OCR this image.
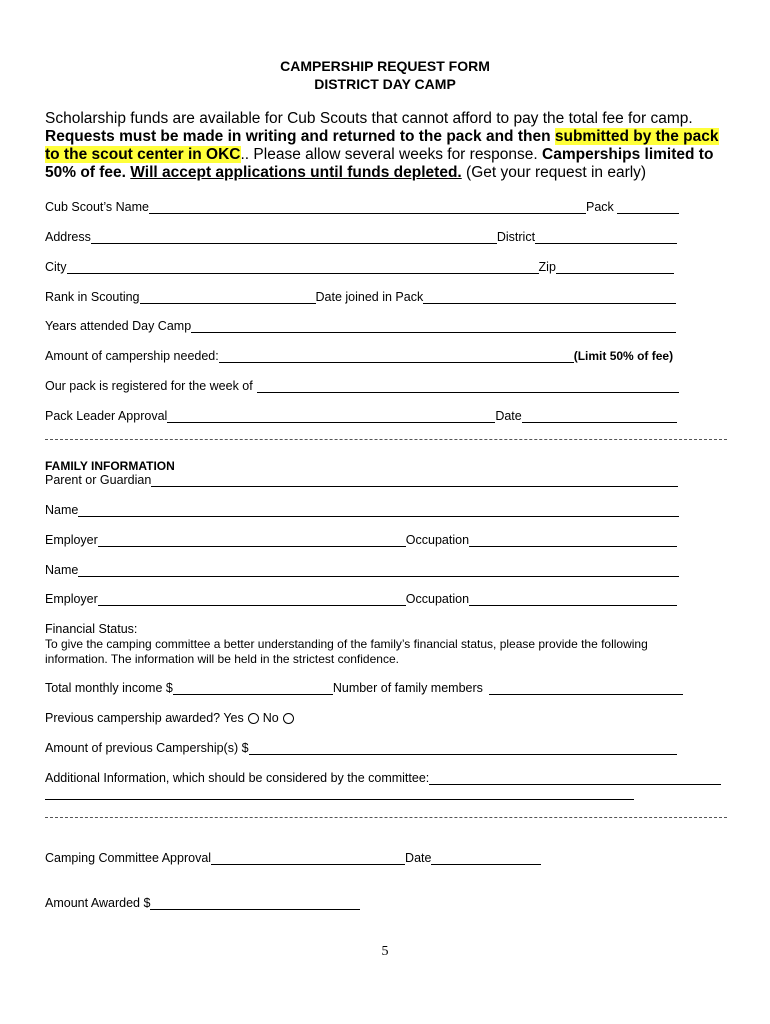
CAMPERSHIP REQUEST FORM
DISTRICT DAY CAMP
Scholarship funds are available for Cub Scouts that cannot afford to pay the total fee for camp.
Requests must be made in writing and returned to the pack and then submitted by the pack to the scout center in OKC.. Please allow several weeks for response. Camperships limited to 50% of fee. Will accept applications until funds depleted. (Get your request in early)
Cub Scout’s Name	Pack
Address	District
City	Zip
Rank in Scouting	Date joined in Pack
Years attended Day Camp
Amount of campership needed:	(Limit 50% of fee)
Our pack is registered for the week of
Pack Leader Approval	Date
FAMILY INFORMATION
Parent or Guardian
Name
Employer	Occupation
Name
Employer	Occupation
Financial Status:
To give the camping committee a better understanding of the family’s financial status, please provide the following
information. The information will be held in the strictest confidence.
Total monthly income $	Number of family members
Previous campership awarded? Yes No
Amount of previous Campership(s) $
Additional Information, which should be considered by the committee:
Camping Committee Approval	Date
Amount Awarded $
5
